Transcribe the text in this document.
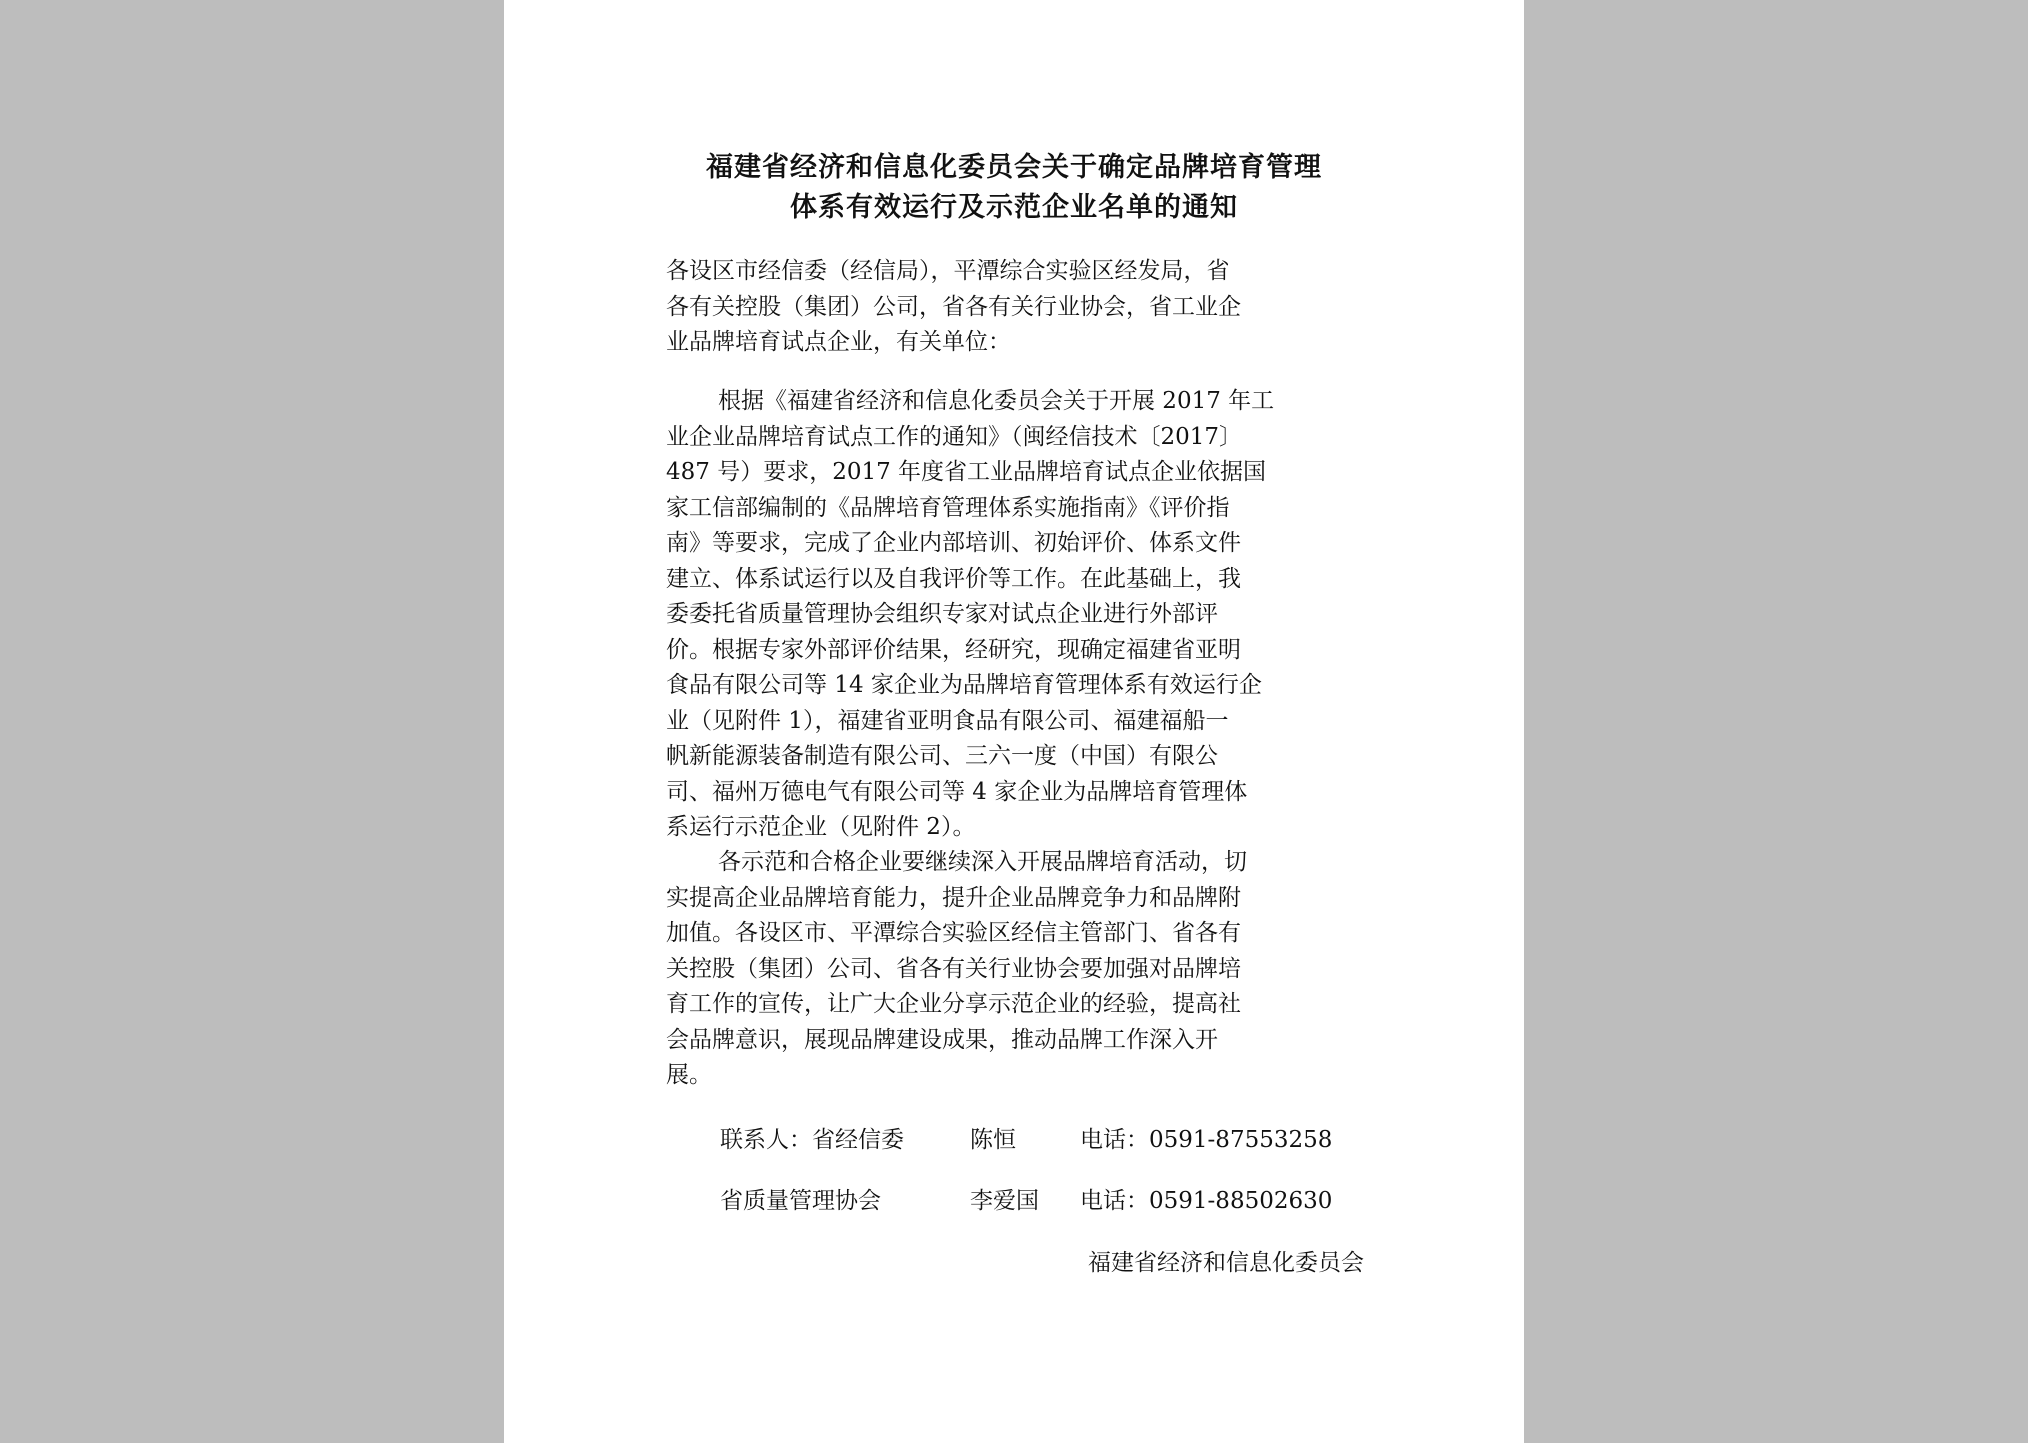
福建省经济和信息化委员会关于确定品牌培育管理
体系有效运行及示范企业名单的通知
各设区市经信委（经信局），平潭综合实验区经发局，省
各有关控股（集团）公司，省各有关行业协会，省工业企
业品牌培育试点企业，有关单位：
根据《福建省经济和信息化委员会关于开展 2017 年工
业企业品牌培育试点工作的通知》（闽经信技术〔2017〕
487 号）要求，2017 年度省工业品牌培育试点企业依据国
家工信部编制的《品牌培育管理体系实施指南》《评价指
南》等要求，完成了企业内部培训、初始评价、体系文件
建立、体系试运行以及自我评价等工作。在此基础上，我
委委托省质量管理协会组织专家对试点企业进行外部评
价。根据专家外部评价结果，经研究，现确定福建省亚明
食品有限公司等 14 家企业为品牌培育管理体系有效运行企
业（见附件 1），福建省亚明食品有限公司、福建福船一
帆新能源装备制造有限公司、三六一度（中国）有限公
司、福州万德电气有限公司等 4 家企业为品牌培育管理体
系运行示范企业（见附件 2）。
各示范和合格企业要继续深入开展品牌培育活动，切
实提高企业品牌培育能力，提升企业品牌竞争力和品牌附
加值。各设区市、平潭综合实验区经信主管部门、省各有
关控股（集团）公司、省各有关行业协会要加强对品牌培
育工作的宣传，让广大企业分享示范企业的经验，提高社
会品牌意识，展现品牌建设成果，推动品牌工作深入开
展。
联系人：省经信委	陈恒	电话：0591-87553258
省质量管理协会	李爱国 电话：0591-88502630
福建省经济和信息化委员会
